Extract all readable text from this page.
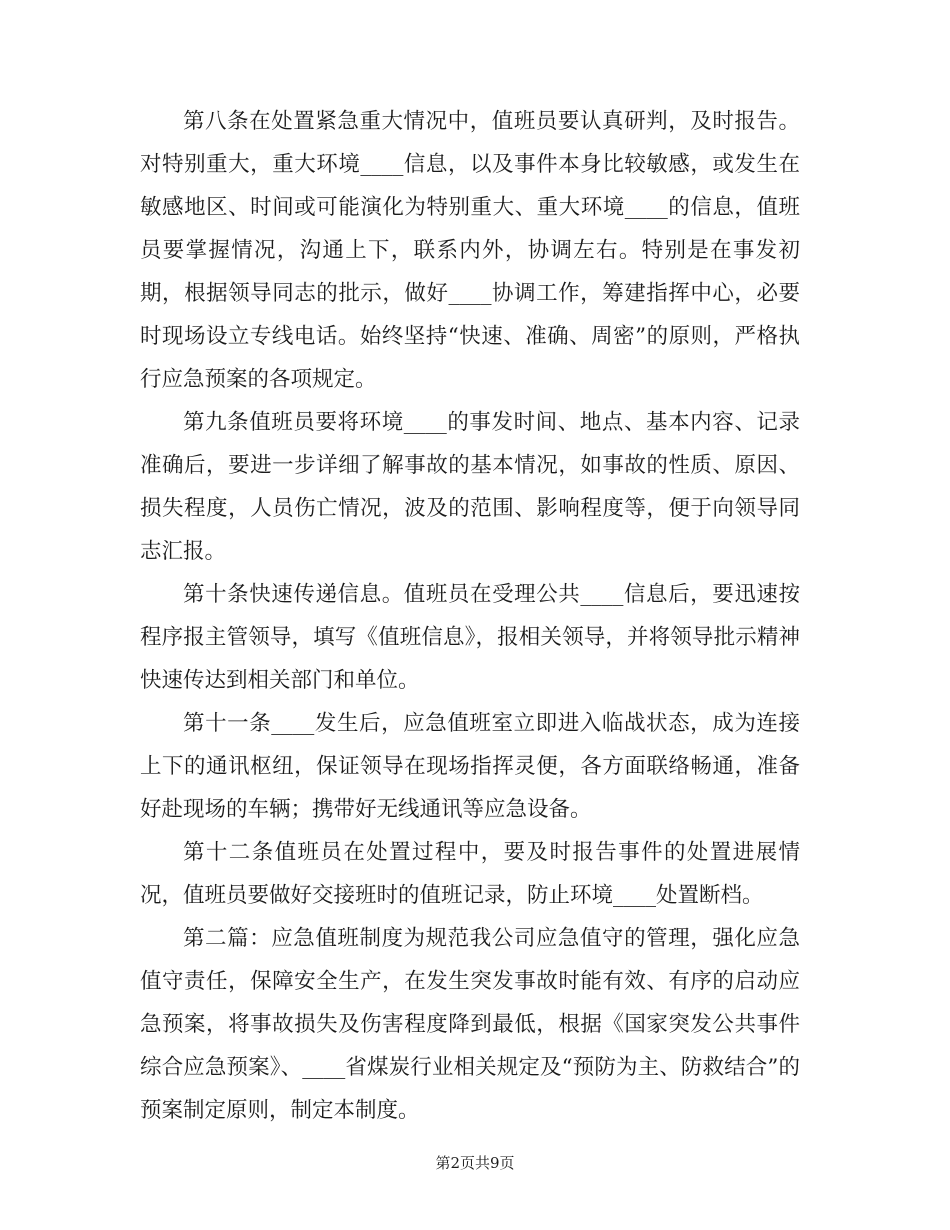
第八条在处置紧急重大情况中，值班员要认真研判，及时报告。对特别重大，重大环境____信息，以及事件本身比较敏感，或发生在敏感地区、时间或可能演化为特别重大、重大环境____的信息，值班员要掌握情况，沟通上下，联系内外，协调左右。特别是在事发初期，根据领导同志的批示，做好____协调工作，筹建指挥中心，必要时现场设立专线电话。始终坚持“快速、准确、周密”的原则，严格执行应急预案的各项规定。

第九条值班员要将环境____的事发时间、地点、基本内容、记录准确后，要进一步详细了解事故的基本情况，如事故的性质、原因、损失程度，人员伤亡情况，波及的范围、影响程度等，便于向领导同志汇报。

第十条快速传递信息。值班员在受理公共____信息后，要迅速按程序报主管领导，填写《值班信息》，报相关领导，并将领导批示精神快速传达到相关部门和单位。

第十一条____发生后，应急值班室立即进入临战状态，成为连接上下的通讯枢纽，保证领导在现场指挥灵便，各方面联络畅通，准备好赴现场的车辆；携带好无线通讯等应急设备。

第十二条值班员在处置过程中，要及时报告事件的处置进展情况，值班员要做好交接班时的值班记录，防止环境____处置断档。

第二篇：应急值班制度为规范我公司应急值守的管理，强化应急值守责任，保障安全生产，在发生突发事故时能有效、有序的启动应急预案，将事故损失及伤害程度降到最低，根据《国家突发公共事件综合应急预案》、____省煤炭行业相关规定及“预防为主、防救结合”的预案制定原则，制定本制度。

第2页共9页
